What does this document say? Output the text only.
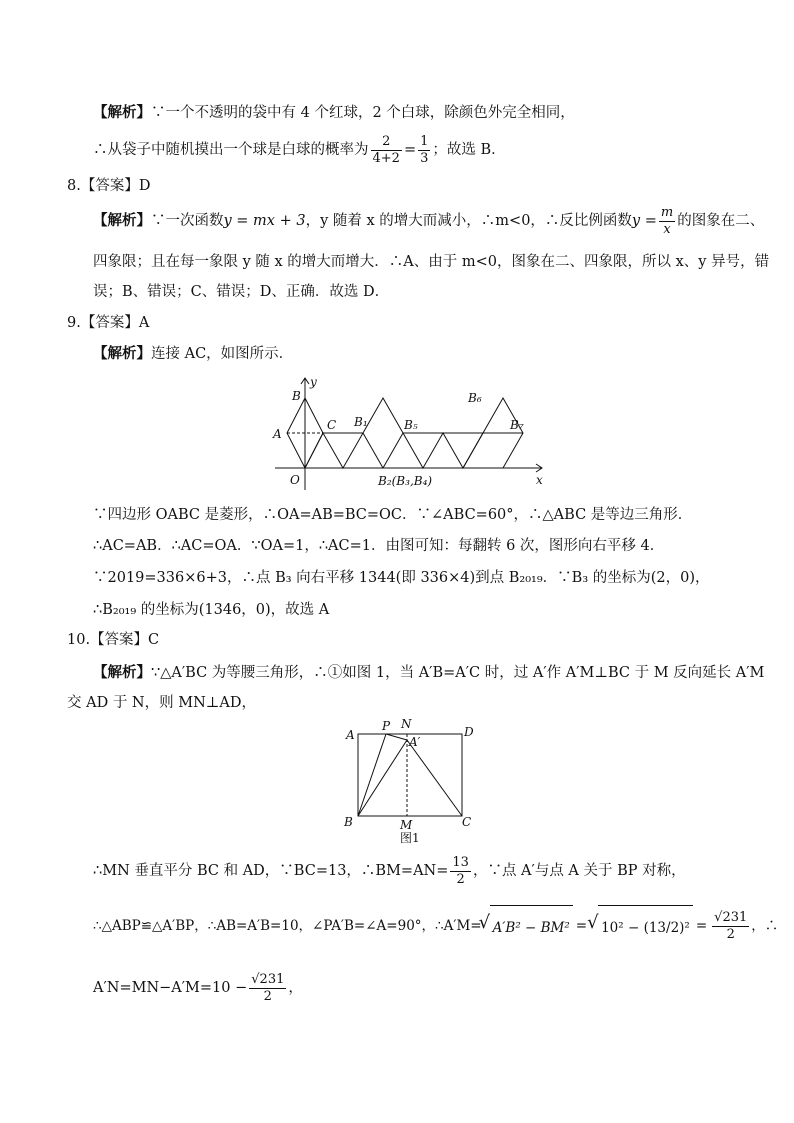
【解析】∵一个不透明的袋中有 4 个红球，2 个白球，除颜色外完全相同，
∴从袋子中随机摸出一个球是白球的概率为 $\frac{2}{4+2} = \frac{1}{3}$ ；故选 B．
8.【答案】D
【解析】∵一次函数y = mx + 3，y 随着 x 的增大而减小，∴m<0，∴反比例函数$y = \frac{m}{x}$ 的图象在二、
四象限；且在每一象限 y 随 x 的增大而增大．∴A、由于 m<0，图象在二、四象限，所以 x、y 异号，错
误；B、错误；C、错误；D、正确．故选 D．
9.【答案】A
【解析】连接 AC，如图所示．
y
x
O
A
B
C B₁	B₅
B₆
B₇
B₂(B₃,B₄)
∵四边形 OABC 是菱形，∴OA=AB=BC=OC．∵∠ABC=60°，∴△ABC 是等边三角形．
∴AC=AB．∴AC=OA．∵OA=1，∴AC=1．由图可知：每翻转 6 次，图形向右平移 4．
∵2019=336×6+3，∴点 B₃ 向右平移 1344(即 336×4)到点 B₂₀₁₉．∵B₃ 的坐标为(2，0)，
∴B₂₀₁₉ 的坐标为(1346，0)，故选 A
10.【答案】C
【解析】∵△A′BC 为等腰三角形，∴①如图 1，当 A′B=A′C 时，过 A′作 A′M⊥BC 于 M 反向延长 A′M
交 AD 于 N，则 MN⊥AD，
A
P N
D
A′
B	M	C
图1
∴MN 垂直平分 BC 和 AD，∵BC=13，∴BM=AN= $\frac{13}{2}$ ，∵点 A′与点 A 关于 BP 对称，
∴△ABP≌△A′BP，∴AB=A′B=10，∠PA′B=∠A=90°，∴A′M= √ A′B² − BM² = √ $10^2 - (13/2)^2 = \frac{√231}{2}$ ，∴
$A'N=MN-A'M=10 - \frac{√231}{2}$ ，
